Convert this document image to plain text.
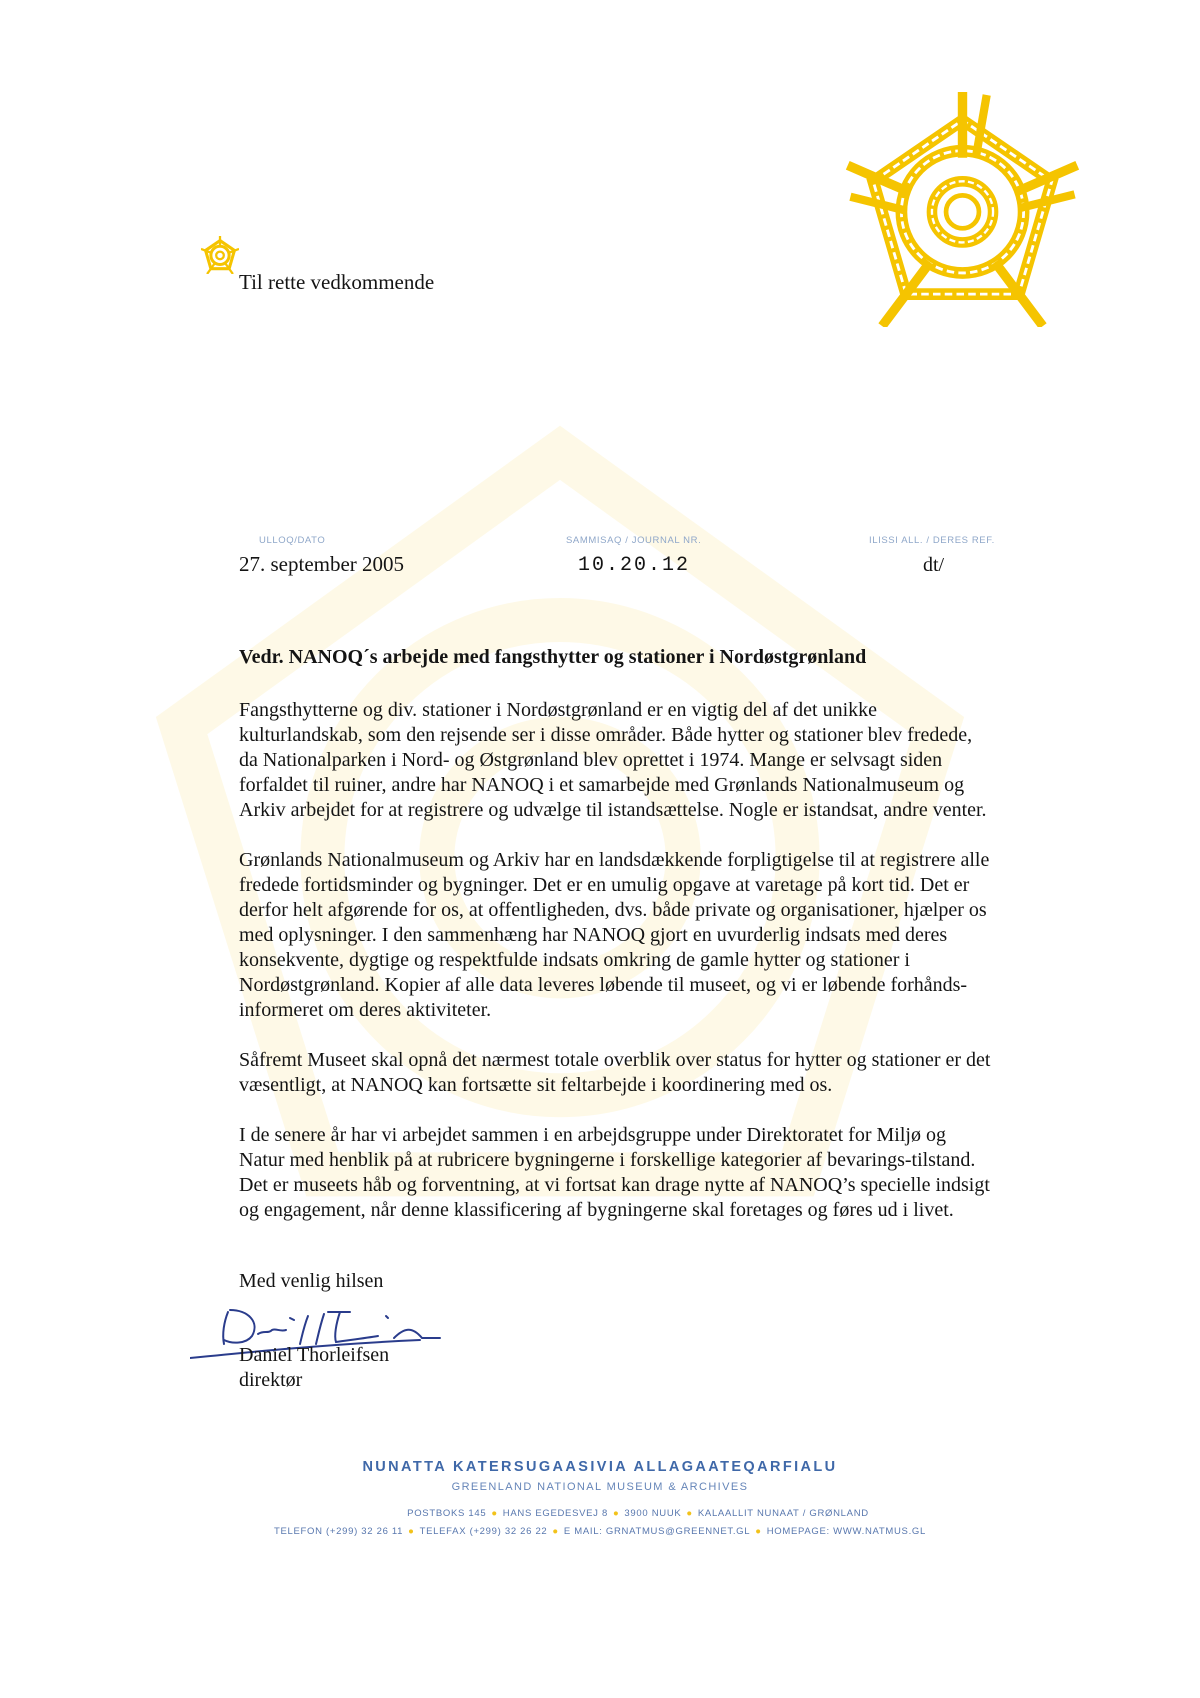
Til rette vedkommende
ULLOQ/DATO
27. september 2005
SAMMISAQ / JOURNAL NR.
10.20.12
ILISSI ALL. / DERES REF.
dt/
Vedr. NANOQ´s arbejde med fangsthytter og stationer i Nordøstgrønland

Fangsthytterne og div. stationer i Nordøstgrønland er en vigtig del af det unikke
kulturlandskab, som den rejsende ser i disse områder. Både hytter og stationer blev fredede,
da Nationalparken i Nord- og Østgrønland blev oprettet i 1974. Mange er selvsagt siden
forfaldet til ruiner, andre har NANOQ i et samarbejde med Grønlands Nationalmuseum og
Arkiv arbejdet for at registrere og udvælge til istandsættelse. Nogle er istandsat, andre venter.

Grønlands Nationalmuseum og Arkiv har en landsdækkende forpligtigelse til at registrere alle
fredede fortidsminder og bygninger. Det er en umulig opgave at varetage på kort tid. Det er
derfor helt afgørende for os, at offentligheden, dvs. både private og organisationer, hjælper os
med oplysninger. I den sammenhæng har NANOQ gjort en uvurderlig indsats med deres
konsekvente, dygtige og respektfulde indsats omkring de gamle hytter og stationer i
Nordøstgrønland. Kopier af alle data leveres løbende til museet, og vi er løbende forhånds-
informeret om deres aktiviteter.

Såfremt Museet skal opnå det nærmest totale overblik over status for hytter og stationer er det
væsentligt, at NANOQ kan fortsætte sit feltarbejde i koordinering med os.

I de senere år har vi arbejdet sammen i en arbejdsgruppe under Direktoratet for Miljø og
Natur med henblik på at rubricere bygningerne i forskellige kategorier af bevarings-tilstand.
Det er museets håb og forventning, at vi fortsat kan drage nytte af NANOQ’s specielle indsigt
og engagement, når denne klassificering af bygningerne skal foretages og føres ud i livet.

Med venlig hilsen
Daniel Thorleifsen
direktør
NUNATTA KATERSUGAASIVIA ALLAGAATEQARFIALU
GREENLAND NATIONAL MUSEUM & ARCHIVES
POSTBOKS 145 ● HANS EGEDESVEJ 8 ● 3900 NUUK ● KALAALLIT NUNAAT / GRØNLAND
TELEFON (+299) 32 26 11 ● TELEFAX (+299) 32 26 22 ● E MAIL: GRNATMUS@GREENNET.GL ● HOMEPAGE: WWW.NATMUS.GL
